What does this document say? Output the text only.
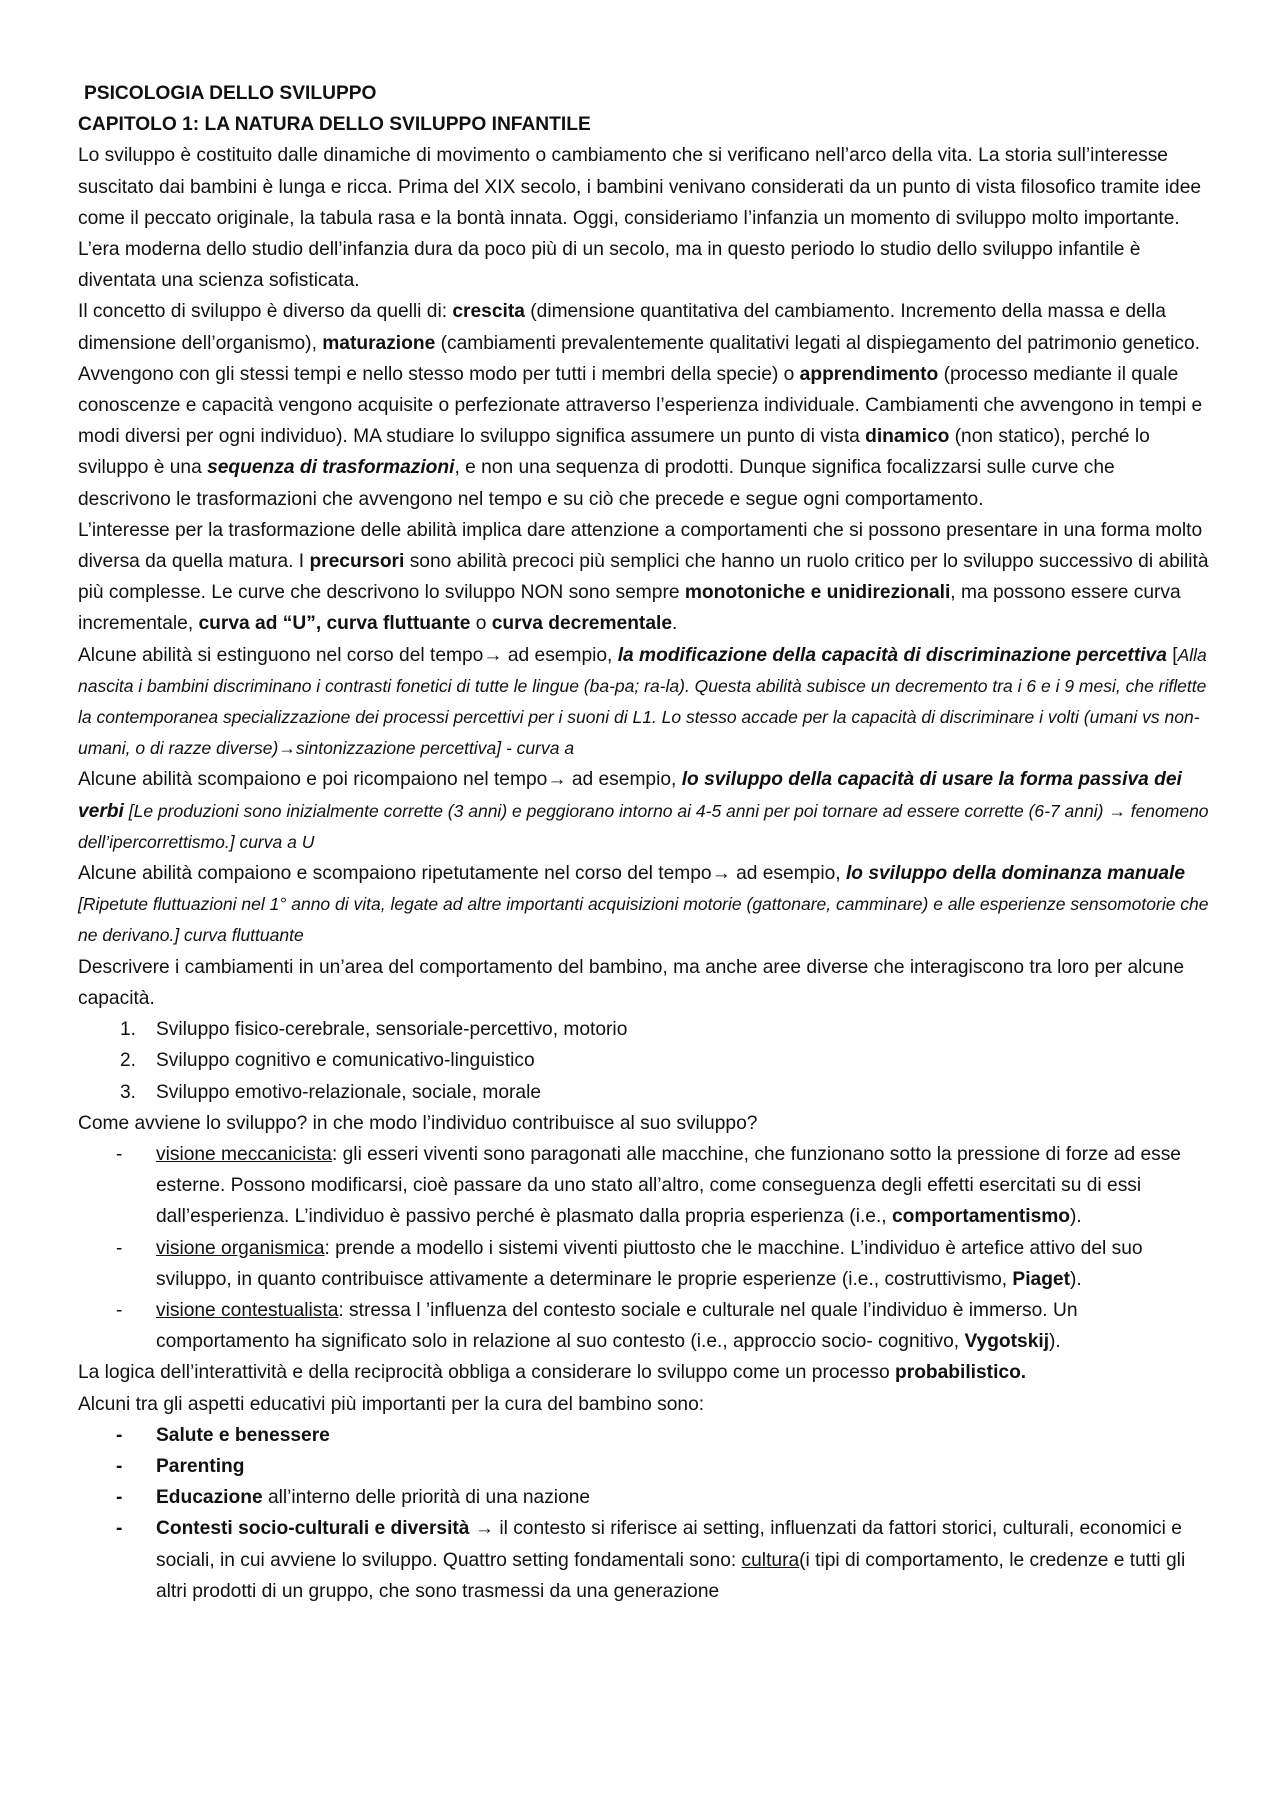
PSICOLOGIA DELLO SVILUPPO

CAPITOLO 1: LA NATURA DELLO SVILUPPO INFANTILE

Lo sviluppo è costituito dalle dinamiche di movimento o cambiamento che si verificano nell’arco della vita. La storia sull’interesse suscitato dai bambini è lunga e ricca. Prima del XIX secolo, i bambini venivano considerati da un punto di vista filosofico tramite idee come il peccato originale, la tabula rasa e la bontà innata. Oggi, consideriamo l’infanzia un momento di sviluppo molto importante. L’era moderna dello studio dell’infanzia dura da poco più di un secolo, ma in questo periodo lo studio dello sviluppo infantile è diventata una scienza sofisticata.

Il concetto di sviluppo è diverso da quelli di: crescita (dimensione quantitativa del cambiamento. Incremento della massa e della dimensione dell’organismo), maturazione (cambiamenti prevalentemente qualitativi legati al dispiegamento del patrimonio genetico. Avvengono con gli stessi tempi e nello stesso modo per tutti i membri della specie) o apprendimento (processo mediante il quale conoscenze e capacità vengono acquisite o perfezionate attraverso l’esperienza individuale. Cambiamenti che avvengono in tempi e modi diversi per ogni individuo). MA studiare lo sviluppo significa assumere un punto di vista dinamico (non statico), perché lo sviluppo è una sequenza di trasformazioni, e non una sequenza di prodotti. Dunque significa focalizzarsi sulle curve che
descrivono le trasformazioni che avvengono nel tempo e su ciò che precede e segue ogni comportamento.

L’interesse per la trasformazione delle abilità implica dare attenzione a comportamenti che si possono presentare in una forma molto diversa da quella matura. I precursori sono abilità precoci più semplici che hanno un ruolo critico per lo sviluppo successivo di abilità più complesse. Le curve che descrivono lo sviluppo NON sono sempre monotoniche e unidirezionali, ma possono essere curva incrementale, curva ad “U”, curva fluttuante o curva decrementale.

Alcune abilità si estinguono nel corso del tempo→ ad esempio, la modificazione della capacità di discriminazione percettiva [Alla nascita i bambini discriminano i contrasti fonetici di tutte le lingue (ba-pa; ra-la). Questa abilità subisce un decremento tra i 6 e i 9 mesi, che riflette la contemporanea specializzazione dei processi percettivi per i suoni di L1. Lo stesso accade per la capacità di discriminare i volti (umani vs non-umani, o di razze diverse)→sintonizzazione percettiva] - curva a

Alcune abilità scompaiono e poi ricompaiono nel tempo→ ad esempio, lo sviluppo della capacità di usare la forma passiva dei verbi [Le produzioni sono inizialmente corrette (3 anni) e peggiorano intorno ai 4-5 anni per poi tornare ad essere corrette (6-7 anni) → fenomeno dell’ipercorrettismo.] curva a U

Alcune abilità compaiono e scompaiono ripetutamente nel corso del tempo→ ad esempio, lo sviluppo della dominanza manuale [Ripetute fluttuazioni nel 1° anno di vita, legate ad altre importanti acquisizioni motorie (gattonare, camminare) e alle esperienze sensomotorie che ne derivano.] curva fluttuante

Descrivere i cambiamenti in un’area del comportamento del bambino, ma anche aree diverse che interagiscono tra loro per alcune capacità.

1. Sviluppo fisico-cerebrale, sensoriale-percettivo, motorio
2. Sviluppo cognitivo e comunicativo-linguistico
3. Sviluppo emotivo-relazionale, sociale, morale

Come avviene lo sviluppo? in che modo l’individuo contribuisce al suo sviluppo?

- visione meccanicista: gli esseri viventi sono paragonati alle macchine, che funzionano sotto la pressione di forze ad esse esterne. Possono modificarsi, cioè passare da uno stato all’altro, come conseguenza degli effetti esercitati su di essi dall’esperienza. L’individuo è passivo perché è plasmato dalla propria esperienza (i.e., comportamentismo).
- visione organismica: prende a modello i sistemi viventi piuttosto che le macchine. L’individuo è artefice attivo del suo sviluppo, in quanto contribuisce attivamente a determinare le proprie esperienze (i.e., costruttivismo, Piaget).
- visione contestualista: stressa l ’influenza del contesto sociale e culturale nel quale l’individuo è immerso. Un comportamento ha significato solo in relazione al suo contesto (i.e., approccio socio- cognitivo, Vygotskij).

La logica dell’interattività e della reciprocità obbliga a considerare lo sviluppo come un processo probabilistico.

Alcuni tra gli aspetti educativi più importanti per la cura del bambino sono:

- Salute e benessere
- Parenting
- Educazione all’interno delle priorità di una nazione
- Contesti socio-culturali e diversità → il contesto si riferisce ai setting, influenzati da fattori storici, culturali, economici e sociali, in cui avviene lo sviluppo. Quattro setting fondamentali sono: cultura(i tipi di comportamento, le credenze e tutti gli altri prodotti di un gruppo, che sono trasmessi da una generazione
